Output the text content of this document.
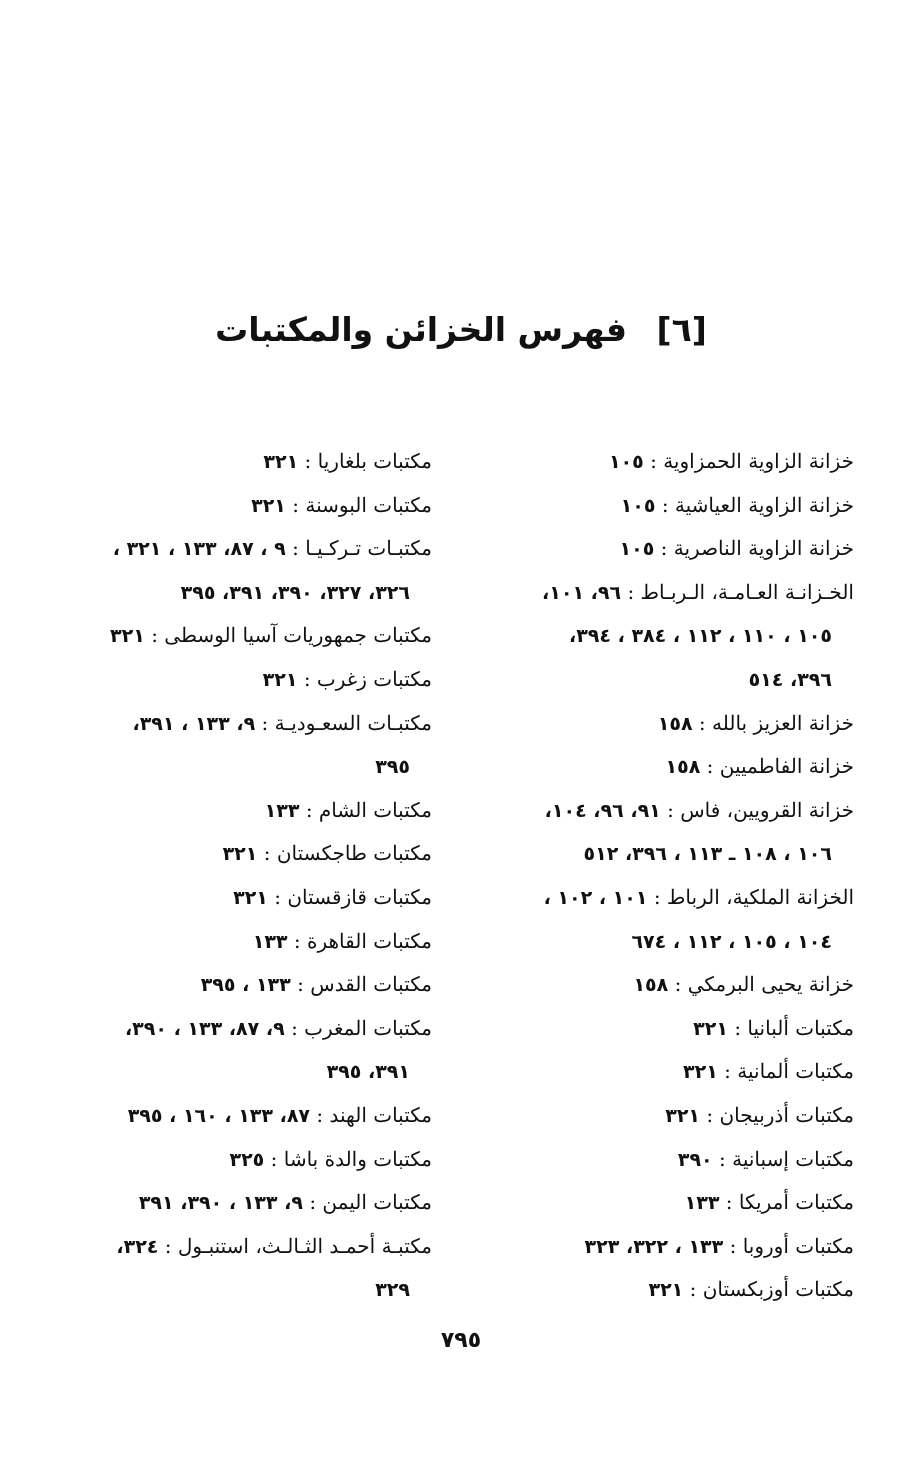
[٦] فهرس الخزائن والمكتبات
خزانة الزاوية الحمزاوية : ١٠٥
خزانة الزاوية العياشية : ١٠٥
خزانة الزاوية الناصرية : ١٠٥
الخـزانـة العـامـة، الـربـاط : ٩٦، ١٠١،
١٠٥ ، ١١٠ ، ١١٢ ، ٣٨٤ ، ٣٩٤،
٣٩٦، ٥١٤
خزانة العزيز بالله : ١٥٨
خزانة الفاطميين : ١٥٨
خزانة القرويين، فاس : ٩١، ٩٦، ١٠٤،
١٠٦ ، ١٠٨ ـ ١١٣ ، ٣٩٦، ٥١٢
الخزانة الملكية، الرباط : ١٠١ ، ١٠٢ ،
١٠٤ ، ١٠٥ ، ١١٢ ، ٦٧٤
خزانة يحيى البرمكي : ١٥٨
مكتبات ألبانيا : ٣٢١
مكتبات ألمانية : ٣٢١
مكتبات أذربيجان : ٣٢١
مكتبات إسبانية : ٣٩٠
مكتبات أمريكا : ١٣٣
مكتبات أوروبا : ١٣٣ ، ٣٢٢، ٣٢٣
مكتبات أوزبكستان : ٣٢١
مكتبات بلغاريا : ٣٢١
مكتبات البوسنة : ٣٢١
مكتبـات تـركـيـا : ٩ ، ٨٧، ١٣٣ ، ٣٢١ ،
٣٢٦، ٣٢٧، ٣٩٠، ٣٩١، ٣٩٥
مكتبات جمهوريات آسيا الوسطى : ٣٢١
مكتبات زغرب : ٣٢١
مكتبـات السعـوديـة : ٩، ١٣٣ ، ٣٩١،
٣٩٥
مكتبات الشام : ١٣٣
مكتبات طاجكستان : ٣٢١
مكتبات قازقستان : ٣٢١
مكتبات القاهرة : ١٣٣
مكتبات القدس : ١٣٣ ، ٣٩٥
مكتبات المغرب : ٩، ٨٧، ١٣٣ ، ٣٩٠،
٣٩١، ٣٩٥
مكتبات الهند : ٨٧، ١٣٣ ، ١٦٠ ، ٣٩٥
مكتبات والدة باشا : ٣٢٥
مكتبات اليمن : ٩، ١٣٣ ، ٣٩٠، ٣٩١
مكتبـة أحمـد الثـالـث، استنبـول : ٣٢٤،
٣٢٩
٧٩٥
